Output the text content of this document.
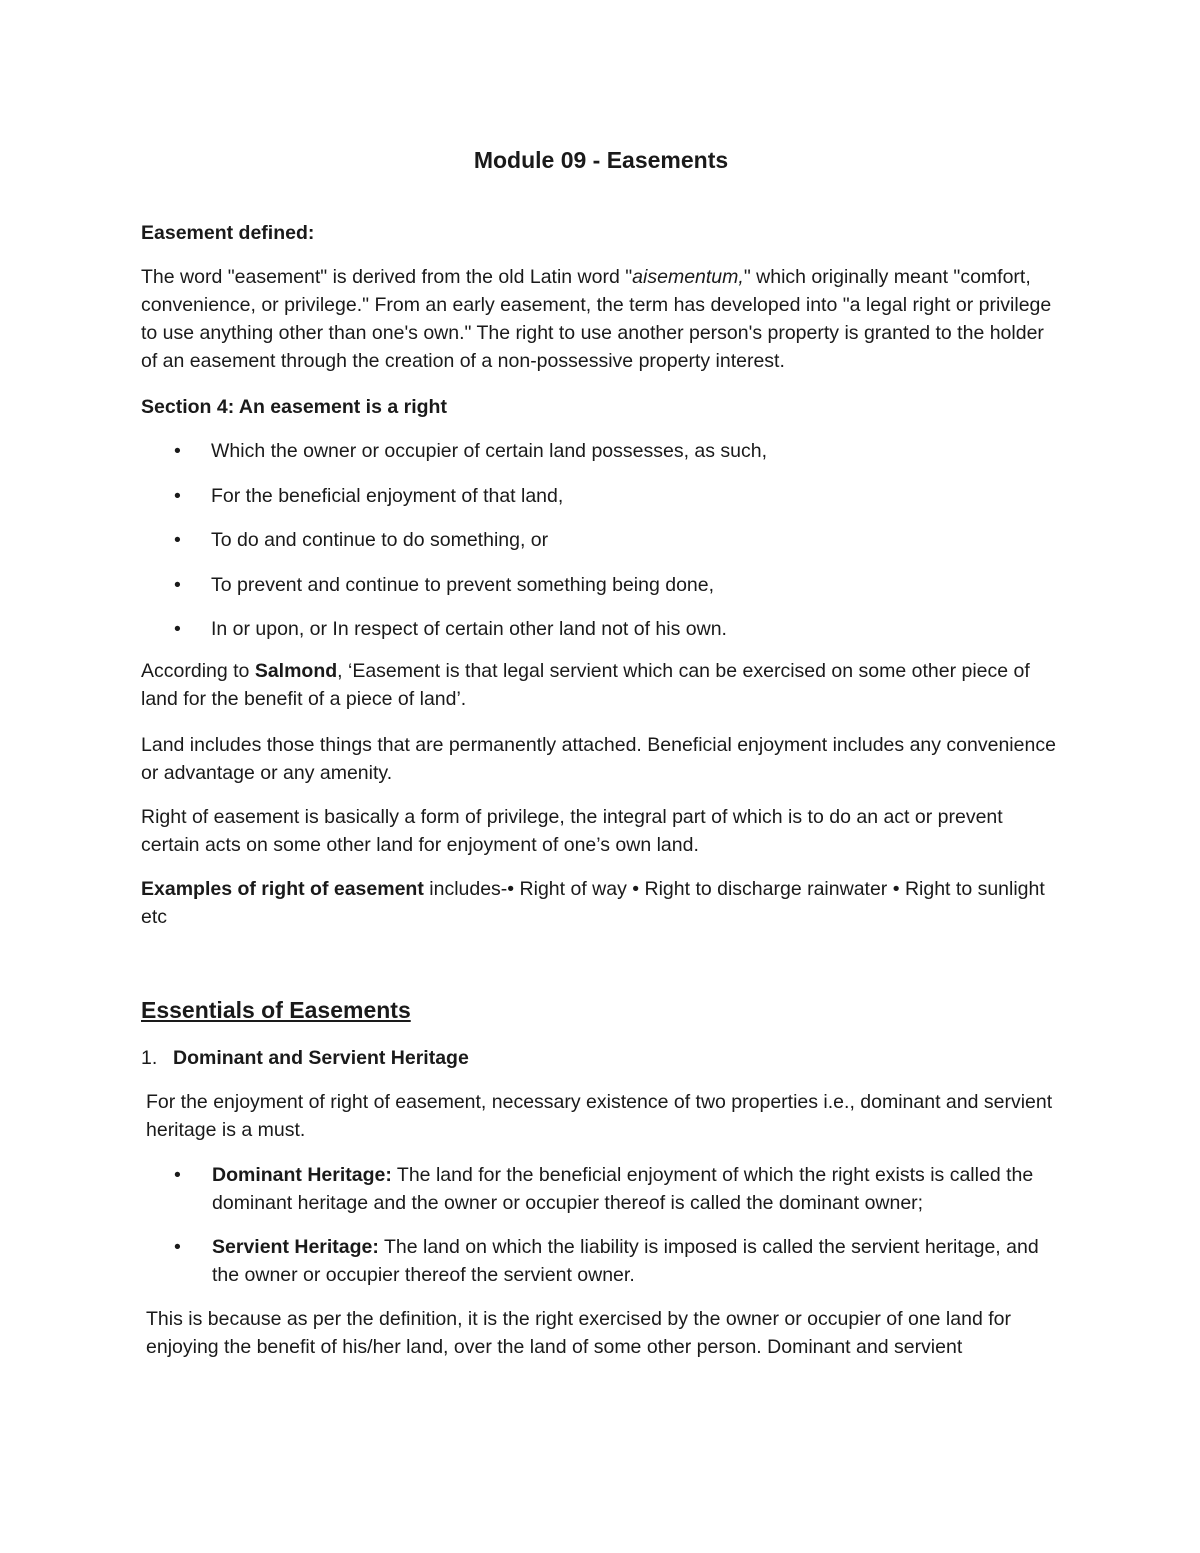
Module 09 - Easements

Easement defined:

The word "easement" is derived from the old Latin word "aisementum," which originally meant "comfort, convenience, or privilege." From an early easement, the term has developed into "a legal right or privilege to use anything other than one's own." The right to use another person's property is granted to the holder of an easement through the creation of a non-possessive property interest.

Section 4: An easement is a right

• Which the owner or occupier of certain land possesses, as such,
• For the beneficial enjoyment of that land,
• To do and continue to do something, or
• To prevent and continue to prevent something being done,
• In or upon, or In respect of certain other land not of his own.

According to Salmond, ‘Easement is that legal servient which can be exercised on some other piece of land for the benefit of a piece of land’.

Land includes those things that are permanently attached. Beneficial enjoyment includes any convenience or advantage or any amenity.

Right of easement is basically a form of privilege, the integral part of which is to do an act or prevent certain acts on some other land for enjoyment of one’s own land.

Examples of right of easement includes-• Right of way • Right to discharge rainwater • Right to sunlight etc

Essentials of Easements

1. Dominant and Servient Heritage

For the enjoyment of right of easement, necessary existence of two properties i.e., dominant and servient heritage is a must.

• Dominant Heritage: The land for the beneficial enjoyment of which the right exists is called the dominant heritage and the owner or occupier thereof is called the dominant owner;
• Servient Heritage: The land on which the liability is imposed is called the servient heritage, and the owner or occupier thereof the servient owner.

This is because as per the definition, it is the right exercised by the owner or occupier of one land for enjoying the benefit of his/her land, over the land of some other person. Dominant and servient
